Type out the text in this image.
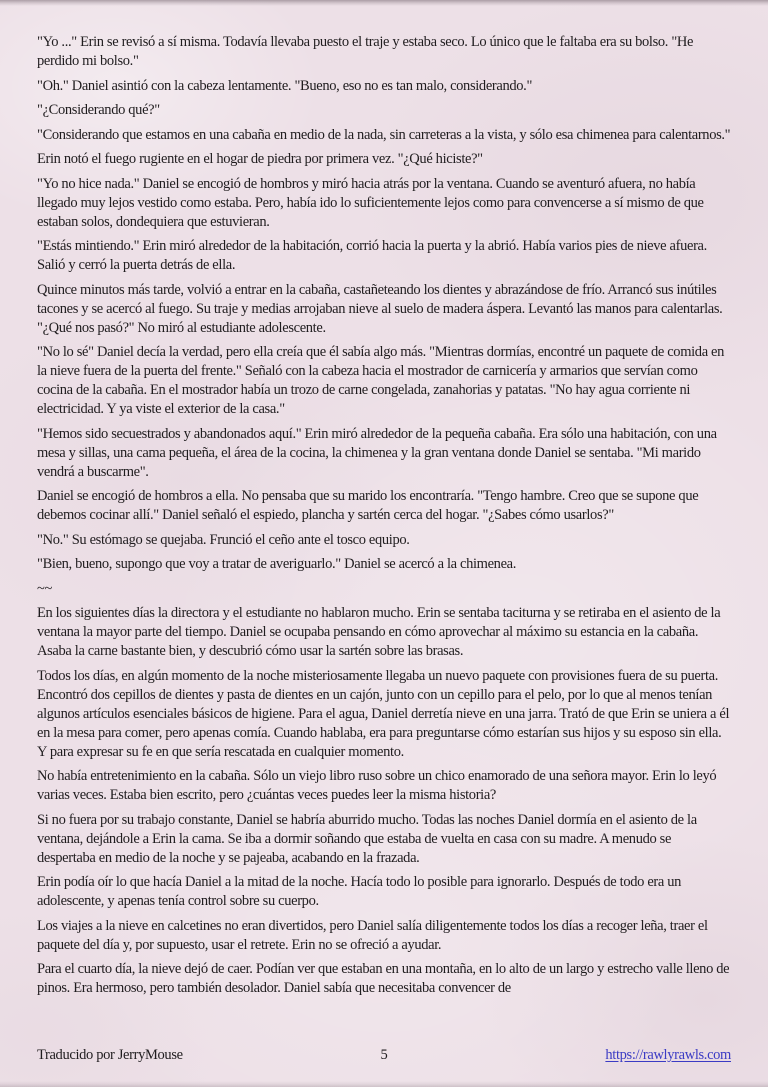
"Yo ..." Erin se revisó a sí misma. Todavía llevaba puesto el traje y estaba seco. Lo único que le faltaba era su bolso. "He perdido mi bolso."

"Oh." Daniel asintió con la cabeza lentamente. "Bueno, eso no es tan malo, considerando."

"¿Considerando qué?"

"Considerando que estamos en una cabaña en medio de la nada, sin carreteras a la vista, y sólo esa chimenea para calentarnos."

Erin notó el fuego rugiente en el hogar de piedra por primera vez. "¿Qué hiciste?"

"Yo no hice nada." Daniel se encogió de hombros y miró hacia atrás por la ventana. Cuando se aventuró afuera, no había llegado muy lejos vestido como estaba. Pero, había ido lo suficientemente lejos como para convencerse a sí mismo de que estaban solos, dondequiera que estuvieran.

"Estás mintiendo." Erin miró alrededor de la habitación, corrió hacia la puerta y la abrió. Había varios pies de nieve afuera. Salió y cerró la puerta detrás de ella.

Quince minutos más tarde, volvió a entrar en la cabaña, castañeteando los dientes y abrazándose de frío. Arrancó sus inútiles tacones y se acercó al fuego. Su traje y medias arrojaban nieve al suelo de madera áspera. Levantó las manos para calentarlas. "¿Qué nos pasó?" No miró al estudiante adolescente.

"No lo sé" Daniel decía la verdad, pero ella creía que él sabía algo más. "Mientras dormías, encontré un paquete de comida en la nieve fuera de la puerta del frente." Señaló con la cabeza hacia el mostrador de carnicería y armarios que servían como cocina de la cabaña. En el mostrador había un trozo de carne congelada, zanahorias y patatas. "No hay agua corriente ni electricidad. Y ya viste el exterior de la casa."

"Hemos sido secuestrados y abandonados aquí." Erin miró alrededor de la pequeña cabaña. Era sólo una habitación, con una mesa y sillas, una cama pequeña, el área de la cocina, la chimenea y la gran ventana donde Daniel se sentaba. "Mi marido vendrá a buscarme".

Daniel se encogió de hombros a ella. No pensaba que su marido los encontraría. "Tengo hambre. Creo que se supone que debemos cocinar allí." Daniel señaló el espiedo, plancha y sartén cerca del hogar. "¿Sabes cómo usarlos?"

"No." Su estómago se quejaba. Frunció el ceño ante el tosco equipo.

"Bien, bueno, supongo que voy a tratar de averiguarlo." Daniel se acercó a la chimenea.

~~

En los siguientes días la directora y el estudiante no hablaron mucho. Erin se sentaba taciturna y se retiraba en el asiento de la ventana la mayor parte del tiempo. Daniel se ocupaba pensando en cómo aprovechar al máximo su estancia en la cabaña. Asaba la carne bastante bien, y descubrió cómo usar la sartén sobre las brasas.

Todos los días, en algún momento de la noche misteriosamente llegaba un nuevo paquete con provisiones fuera de su puerta. Encontró dos cepillos de dientes y pasta de dientes en un cajón, junto con un cepillo para el pelo, por lo que al menos tenían algunos artículos esenciales básicos de higiene. Para el agua, Daniel derretía nieve en una jarra. Trató de que Erin se uniera a él en la mesa para comer, pero apenas comía. Cuando hablaba, era para preguntarse cómo estarían sus hijos y su esposo sin ella. Y para expresar su fe en que sería rescatada en cualquier momento.

No había entretenimiento en la cabaña. Sólo un viejo libro ruso sobre un chico enamorado de una señora mayor. Erin lo leyó varias veces. Estaba bien escrito, pero ¿cuántas veces puedes leer la misma historia?

Si no fuera por su trabajo constante, Daniel se habría aburrido mucho. Todas las noches Daniel dormía en el asiento de la ventana, dejándole a Erin la cama. Se iba a dormir soñando que estaba de vuelta en casa con su madre. A menudo se despertaba en medio de la noche y se pajeaba, acabando en la frazada.

Erin podía oír lo que hacía Daniel a la mitad de la noche. Hacía todo lo posible para ignorarlo. Después de todo era un adolescente, y apenas tenía control sobre su cuerpo.

Los viajes a la nieve en calcetines no eran divertidos, pero Daniel salía diligentemente todos los días a recoger leña, traer el paquete del día y, por supuesto, usar el retrete. Erin no se ofreció a ayudar.

Para el cuarto día, la nieve dejó de caer. Podían ver que estaban en una montaña, en lo alto de un largo y estrecho valle lleno de pinos. Era hermoso, pero también desolador. Daniel sabía que necesitaba convencer de

Traducido por JerryMouse	5	https://rawlyrawls.com
